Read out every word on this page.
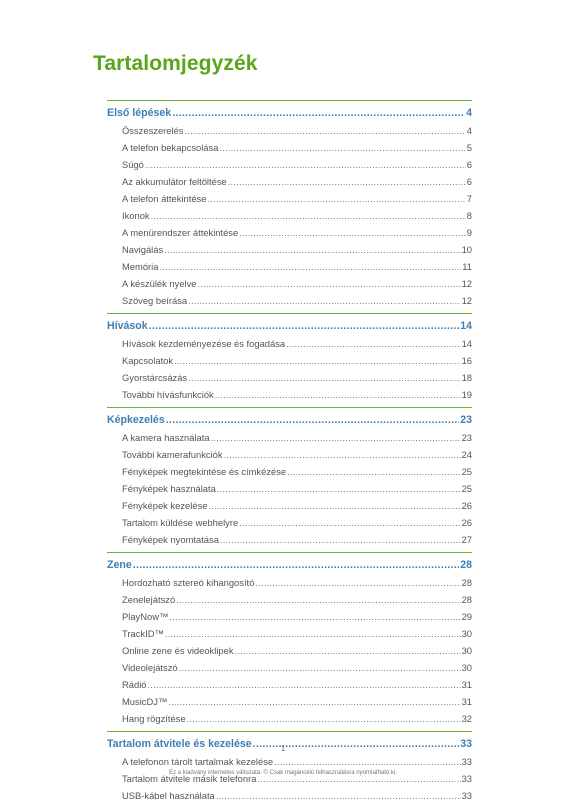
Tartalomjegyzék
Első lépések .....	4
Összeszerelés .....	4
A telefon bekapcsolása .....	5
Súgó .....	6
Az akkumulátor feltöltése .....	6
A telefon áttekintése .....	7
Ikonok .....	8
A menürendszer áttekintése .....	9
Navigálás .....	10
Memória .....	11
A készülék nyelve .....	12
Szöveg beírása .....	12
Hívások .....	14
Hívások kezdeményezése és fogadása .....	14
Kapcsolatok .....	16
Gyorstárcsázás .....	18
További hívásfunkciók .....	19
Képkezelés .....	23
A kamera használata .....	23
További kamerafunkciók .....	24
Fényképek megtekintése és címkézése .....	25
Fényképek használata .....	25
Fényképek kezelése .....	26
Tartalom küldése webhelyre .....	26
Fényképek nyomtatása .....	27
Zene .....	28
Hordozható sztereó kihangosító .....	28
Zenelejátszó .....	28
PlayNow™ .....	29
TrackID™ .....	30
Online zene és videoklipek .....	30
Videolejátszó .....	30
Rádió .....	31
MusicDJ™ .....	31
Hang rögzítése .....	32
Tartalom átvitele és kezelése .....	33
A telefonon tárolt tartalmak kezelése .....	33
Tartalom átvitele másik telefonra .....	33
USB-kábel használata .....	33
1
Ez a kiadvány internetes változata. © Csak magáncélú felhasználásra nyomtatható ki.
